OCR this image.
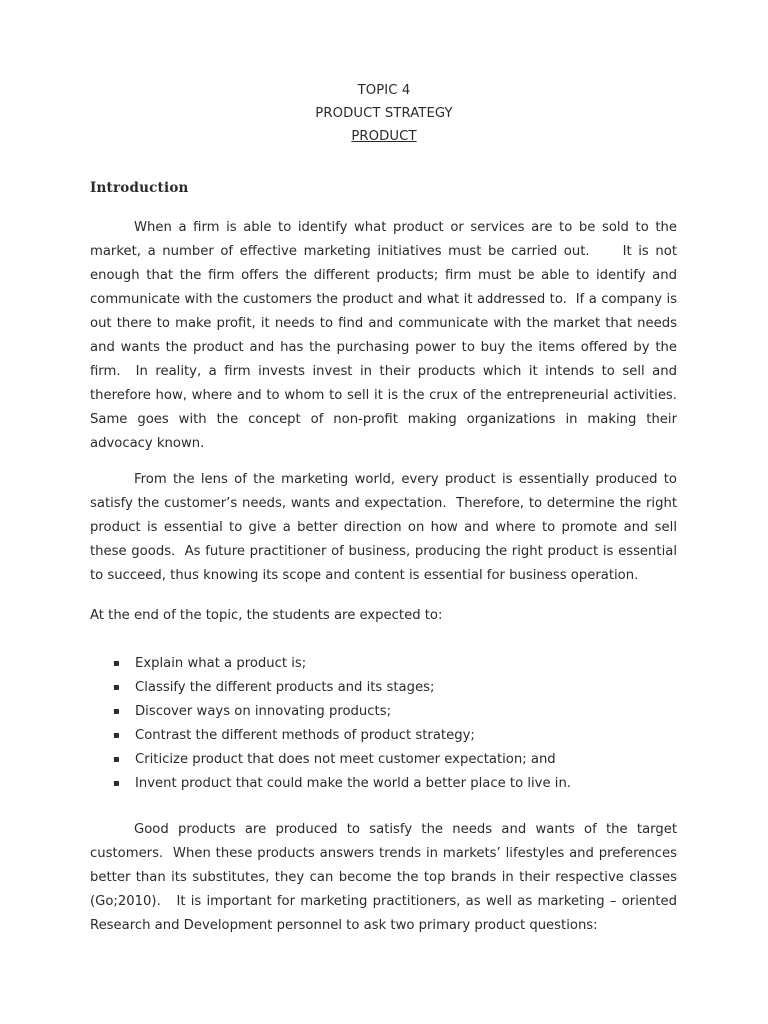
TOPIC 4
PRODUCT STRATEGY
PRODUCT
Introduction

When a firm is able to identify what product or services are to be sold to the market, a number of effective marketing initiatives must be carried out.     It is not enough that the firm offers the different products; firm must be able to identify and communicate with the customers the product and what it addressed to.  If a company is out there to make profit, it needs to find and communicate with the market that needs and wants the product and has the purchasing power to buy the items offered by the firm.  In reality, a firm invests invest in their products which it intends to sell and therefore how, where and to whom to sell it is the crux of the entrepreneurial activities. Same goes with the concept of non-profit making organizations in making their advocacy known.

From the lens of the marketing world, every product is essentially produced to satisfy the customer’s needs, wants and expectation.  Therefore, to determine the right product is essential to give a better direction on how and where to promote and sell these goods.  As future practitioner of business, producing the right product is essential to succeed, thus knowing its scope and content is essential for business operation.

At the end of the topic, the students are expected to:

▪ Explain what a product is;
▪ Classify the different products and its stages;
▪ Discover ways on innovating products;
▪ Contrast the different methods of product strategy;
▪ Criticize product that does not meet customer expectation; and
▪ Invent product that could make the world a better place to live in.

Good products are produced to satisfy the needs and wants of the target customers.  When these products answers trends in markets’ lifestyles and preferences better than its substitutes, they can become the top brands in their respective classes (Go;2010).   It is important for marketing practitioners, as well as marketing – oriented Research and Development personnel to ask two primary product questions:
